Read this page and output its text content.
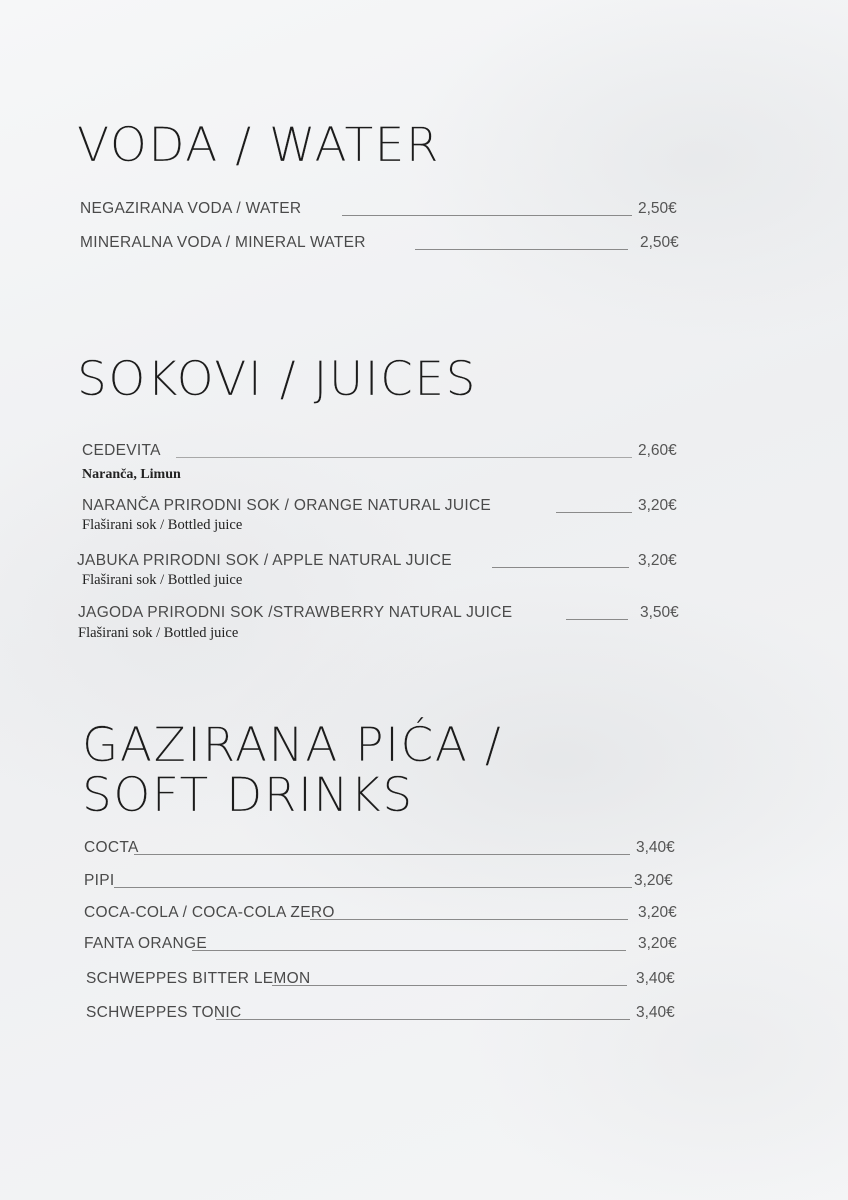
VODA / WATER
NEGAZIRANA VODA / WATER	2,50€
MINERALNA VODA / MINERAL WATER	2,50€
SOKOVI / JUICES
CEDEVITA	2,60€
Naranča, Limun
NARANČA PRIRODNI SOK / ORANGE NATURAL JUICE	3,20€
Flaširani sok / Bottled juice
JABUKA PRIRODNI SOK / APPLE NATURAL JUICE	3,20€
Flaširani sok / Bottled juice
JAGODA PRIRODNI SOK /STRAWBERRY NATURAL JUICE	3,50€
Flaširani sok / Bottled juice
GAZIRANA PIĆA /
SOFT DRINKS
COCTA	3,40€
PIPI	3,20€
COCA-COLA / COCA-COLA ZERO	3,20€
FANTA ORANGE	3,20€
SCHWEPPES BITTER LEMON	3,40€
SCHWEPPES TONIC	3,40€
